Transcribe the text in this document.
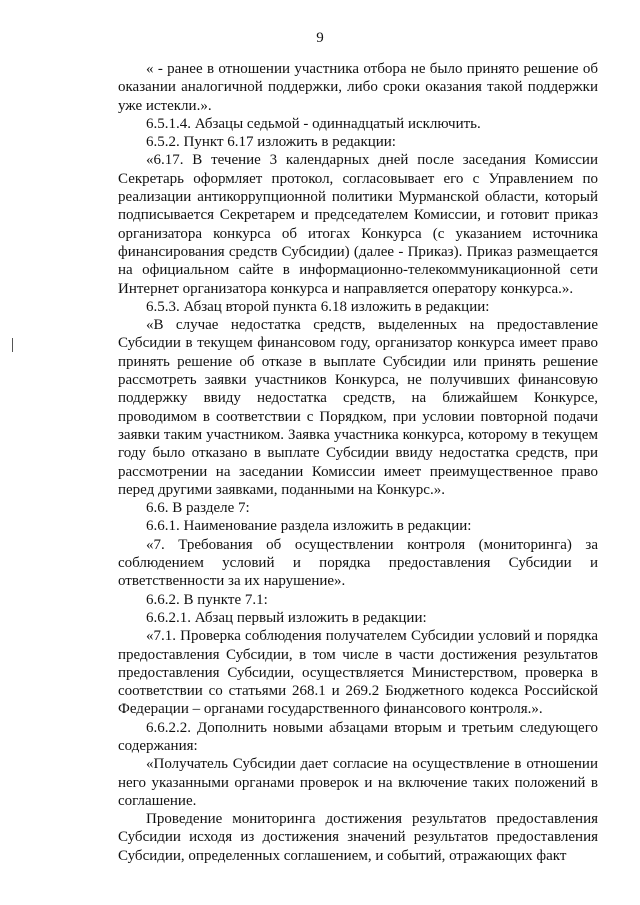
9

« - ранее в отношении участника отбора не было принято решение об оказании аналогичной поддержки, либо сроки оказания такой поддержки уже истекли.».

6.5.1.4. Абзацы седьмой - одиннадцатый исключить.

6.5.2. Пункт 6.17 изложить в редакции:

«6.17. В течение 3 календарных дней после заседания Комиссии Секретарь оформляет протокол, согласовывает его с Управлением по реализации антикоррупционной политики Мурманской области, который подписывается Секретарем и председателем Комиссии, и готовит приказ организатора конкурса об итогах Конкурса (с указанием источника финансирования средств Субсидии) (далее - Приказ). Приказ размещается на официальном сайте в информационно-телекоммуникационной сети Интернет организатора конкурса и направляется оператору конкурса.».

6.5.3. Абзац второй пункта 6.18 изложить в редакции:

«В случае недостатка средств, выделенных на предоставление Субсидии в текущем финансовом году, организатор конкурса имеет право принять решение об отказе в выплате Субсидии или принять решение рассмотреть заявки участников Конкурса, не получивших финансовую поддержку ввиду недостатка средств, на ближайшем Конкурсе, проводимом в соответствии с Порядком, при условии повторной подачи заявки таким участником. Заявка участника конкурса, которому в текущем году было отказано в выплате Субсидии ввиду недостатка средств, при рассмотрении на заседании Комиссии имеет преимущественное право перед другими заявками, поданными на Конкурс.».

6.6. В разделе 7:

6.6.1. Наименование раздела изложить в редакции:

«7. Требования об осуществлении контроля (мониторинга) за соблюдением условий и порядка предоставления Субсидии и ответственности за их нарушение».

6.6.2. В пункте 7.1:

6.6.2.1. Абзац первый изложить в редакции:

«7.1. Проверка соблюдения получателем Субсидии условий и порядка предоставления Субсидии, в том числе в части достижения результатов предоставления Субсидии, осуществляется Министерством, проверка в соответствии со статьями 268.1 и 269.2 Бюджетного кодекса Российской Федерации – органами государственного финансового контроля.».

6.6.2.2. Дополнить новыми абзацами вторым и третьим следующего содержания:

«Получатель Субсидии дает согласие на осуществление в отношении него указанными органами проверок и на включение таких положений в соглашение.

Проведение мониторинга достижения результатов предоставления Субсидии исходя из достижения значений результатов предоставления Субсидии, определенных соглашением, и событий, отражающих факт
